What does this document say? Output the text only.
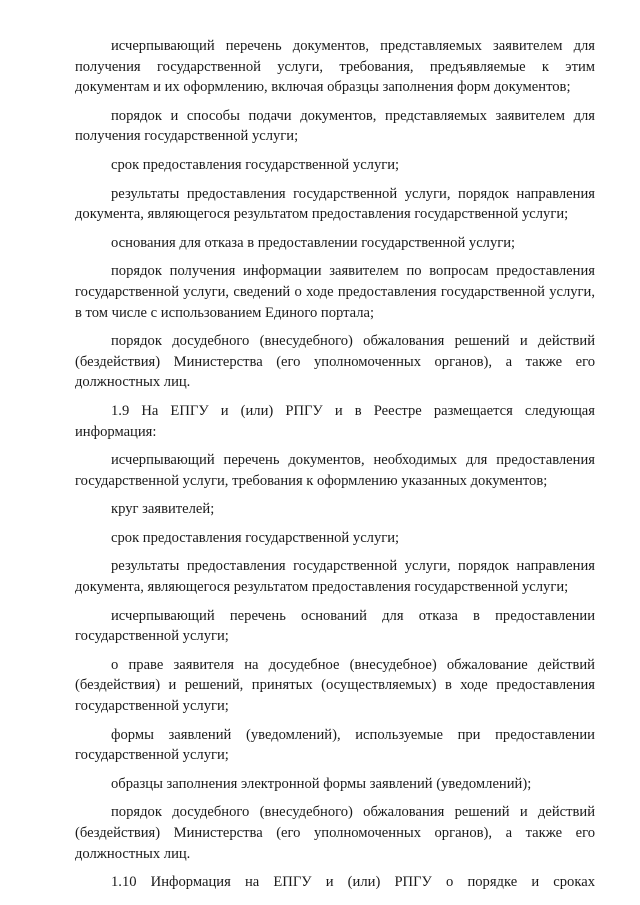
исчерпывающий перечень документов, представляемых заявителем для получения государственной услуги, требования, предъявляемые к этим документам и их оформлению, включая образцы заполнения форм документов;

порядок и способы подачи документов, представляемых заявителем для получения государственной услуги;

срок предоставления государственной услуги;

результаты предоставления государственной услуги, порядок направления документа, являющегося результатом предоставления государственной услуги;

основания для отказа в предоставлении государственной услуги;

порядок получения информации заявителем по вопросам предоставления государственной услуги, сведений о ходе предоставления государственной услуги, в том числе с использованием Единого портала;

порядок досудебного (внесудебного) обжалования решений и действий (бездействия) Министерства (его уполномоченных органов), а также его должностных лиц.

1.9 На ЕПГУ и (или) РПГУ и в Реестре размещается следующая информация:

исчерпывающий перечень документов, необходимых для предоставления государственной услуги, требования к оформлению указанных документов;

круг заявителей;

срок предоставления государственной услуги;

результаты предоставления государственной услуги, порядок направления документа, являющегося результатом предоставления государственной услуги;

исчерпывающий перечень оснований для отказа в предоставлении государственной услуги;

о праве заявителя на досудебное (внесудебное) обжалование действий (бездействия) и решений, принятых (осуществляемых) в ходе предоставления государственной услуги;

формы заявлений (уведомлений), используемые при предоставлении государственной услуги;

образцы заполнения электронной формы заявлений (уведомлений);

порядок досудебного (внесудебного) обжалования решений и действий (бездействия) Министерства (его уполномоченных органов), а также его должностных лиц.

1.10 Информация на ЕПГУ и (или) РПГУ о порядке и сроках
